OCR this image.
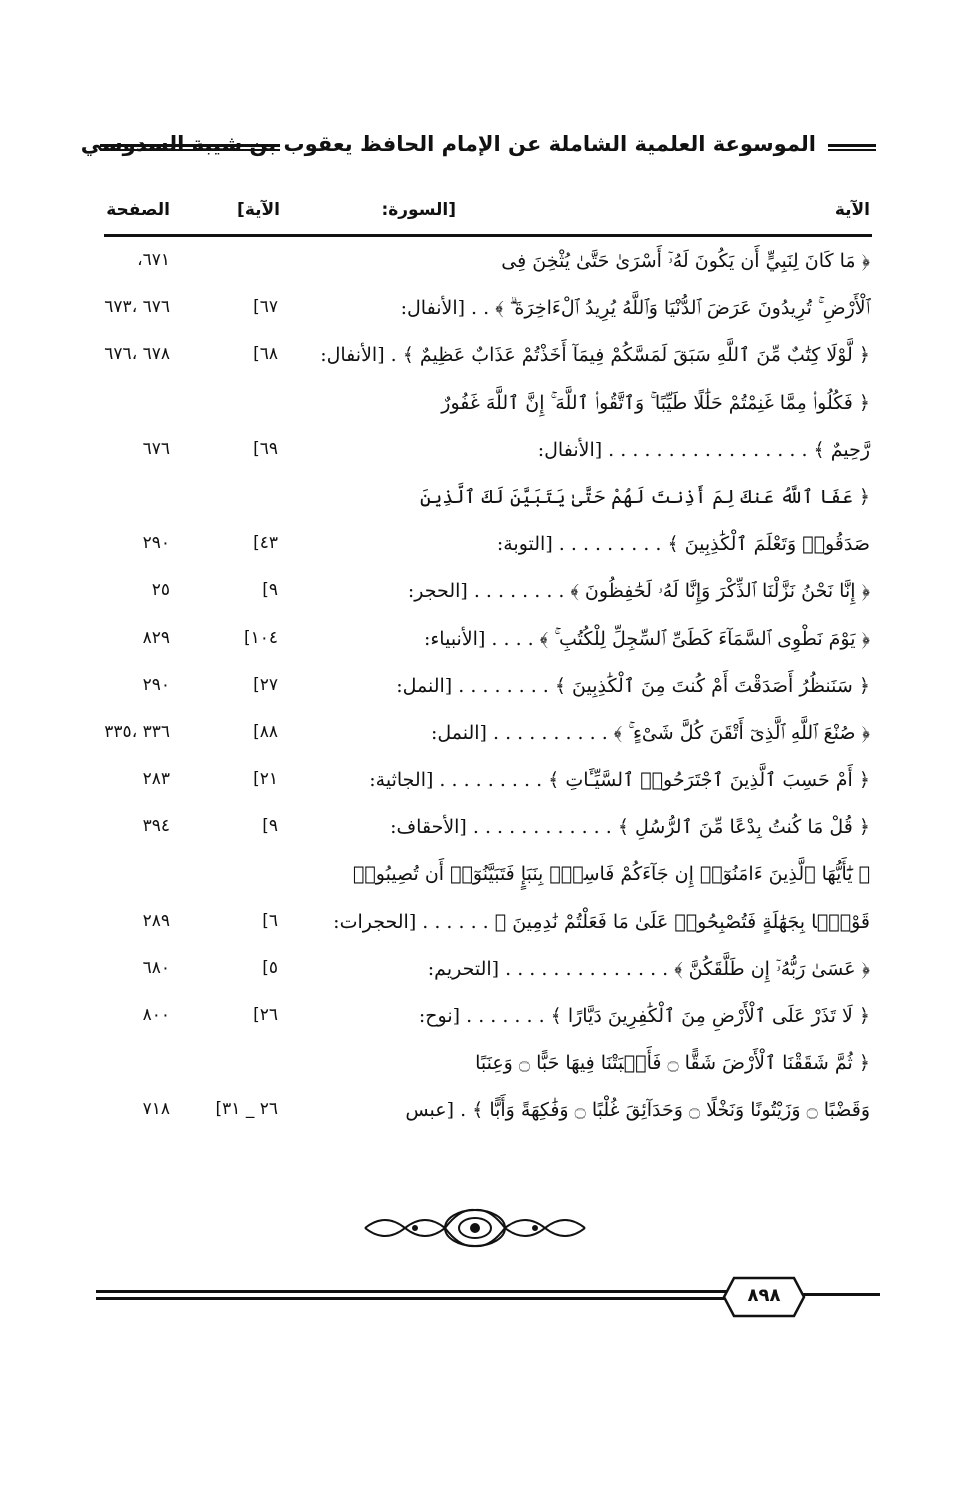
الموسوعة العلمية الشاملة عن الإمام الحافظ يعقوب بن شيبة السدوسي
الآية
[السورة:
الآية]
الصفحة
﴿ مَا كَانَ لِنَبِيٍّ أَن يَكُونَ لَهُۥٓ أَسْرَىٰ حَتَّىٰ يُثْخِنَ فِى
٦٧١،
ٱلْأَرْضِ ۚ تُرِيدُونَ عَرَضَ ٱلدُّنْيَا وَٱللَّهُ يُرِيدُ ٱلْءَاخِرَةَ ۗ ﴾ . . [الأنفال:
٦٧]
٦٧٦ ،٦٧٣
﴿ لَّوْلَا كِتَٰبٌ مِّنَ ٱللَّهِ سَبَقَ لَمَسَّكُمْ فِيمَآ أَخَذْتُمْ عَذَابٌ عَظِيمٌ ﴾ . [الأنفال:
٦٨]
٦٧٨ ،٦٧٦
﴿ فَكُلُوا۟ مِمَّا غَنِمْتُمْ حَلَٰلًا طَيِّبًا ۚ وَٱتَّقُوا۟ ٱللَّهَ ۚ إِنَّ ٱللَّهَ غَفُورٌ
رَّحِيمٌ ﴾ . . . . . . . . . . . . . . . . . [الأنفال:
٦٩]
٦٧٦
﴿ عَفَا ٱللَّهُ عَنكَ لِمَ أَذِنتَ لَهُمْ حَتَّىٰ يَتَبَيَّنَ لَكَ ٱلَّذِينَ
صَدَقُوا۟ وَتَعْلَمَ ٱلْكَٰذِبِينَ ﴾ . . . . . . . . . [التوبة:
٤٣]
٢٩٠
﴿ إِنَّا نَحْنُ نَزَّلْنَا ٱلذِّكْرَ وَإِنَّا لَهُۥ لَحَٰفِظُونَ ﴾ . . . . . . . . [الحجر:
٩]
٢٥
﴿ يَوْمَ نَطْوِى ٱلسَّمَآءَ كَطَىِّ ٱلسِّجِلِّ لِلْكُتُبِ ۚ ﴾ . . . . [الأنبياء:
١٠٤]
٨٢٩
﴿ سَنَنظُرُ أَصَدَقْتَ أَمْ كُنتَ مِنَ ٱلْكَٰذِبِينَ ﴾ . . . . . . . . [النمل:
٢٧]
٢٩٠
﴿ صُنْعَ ٱللَّهِ ٱلَّذِىٓ أَتْقَنَ كُلَّ شَىْءٍ ۚ ﴾ . . . . . . . . . . [النمل:
٨٨]
٣٣٦ ،٣٣٥
﴿ أَمْ حَسِبَ ٱلَّذِينَ ٱجْتَرَحُوا۟ ٱلسَّيِّـَٔاتِ ﴾ . . . . . . . . . [الجاثية:
٢١]
٢٨٣
﴿ قُلْ مَا كُنتُ بِدْعًا مِّنَ ٱلرُّسُلِ ﴾ . . . . . . . . . . . . [الأحقاف:
٩]
٣٩٤
﴿ يَٰٓأَيُّهَا ٱلَّذِينَ ءَامَنُوٓا۟ إِن جَآءَكُمْ فَاسِقٌۢ بِنَبَإٍ فَتَبَيَّنُوٓا۟ أَن تُصِيبُوا۟
قَوْمًۢا بِجَهَٰلَةٍ فَتُصْبِحُوا۟ عَلَىٰ مَا فَعَلْتُمْ نَٰدِمِينَ ﴾ . . . . . . [الحجرات:
٦]
٢٨٩
﴿ عَسَىٰ رَبُّهُۥٓ إِن طَلَّقَكُنَّ ﴾ . . . . . . . . . . . . . . [التحريم:
٥]
٦٨٠
﴿ لَا تَذَرْ عَلَى ٱلْأَرْضِ مِنَ ٱلْكَٰفِرِينَ دَيَّارًا ﴾ . . . . . . . [نوح:
٢٦]
٨٠٠
﴿ ثُمَّ شَقَقْنَا ٱلْأَرْضَ شَقًّا ۝ فَأَنۢبَتْنَا فِيهَا حَبًّا ۝ وَعِنَبًا
وَقَضْبًا ۝ وَزَيْتُونًا وَنَخْلًا ۝ وَحَدَآئِقَ غُلْبًا ۝ وَفَٰكِهَةً وَأَبًّا ﴾ . [عبس
٢٦ _ ٣١]
٧١٨
٨٩٨
